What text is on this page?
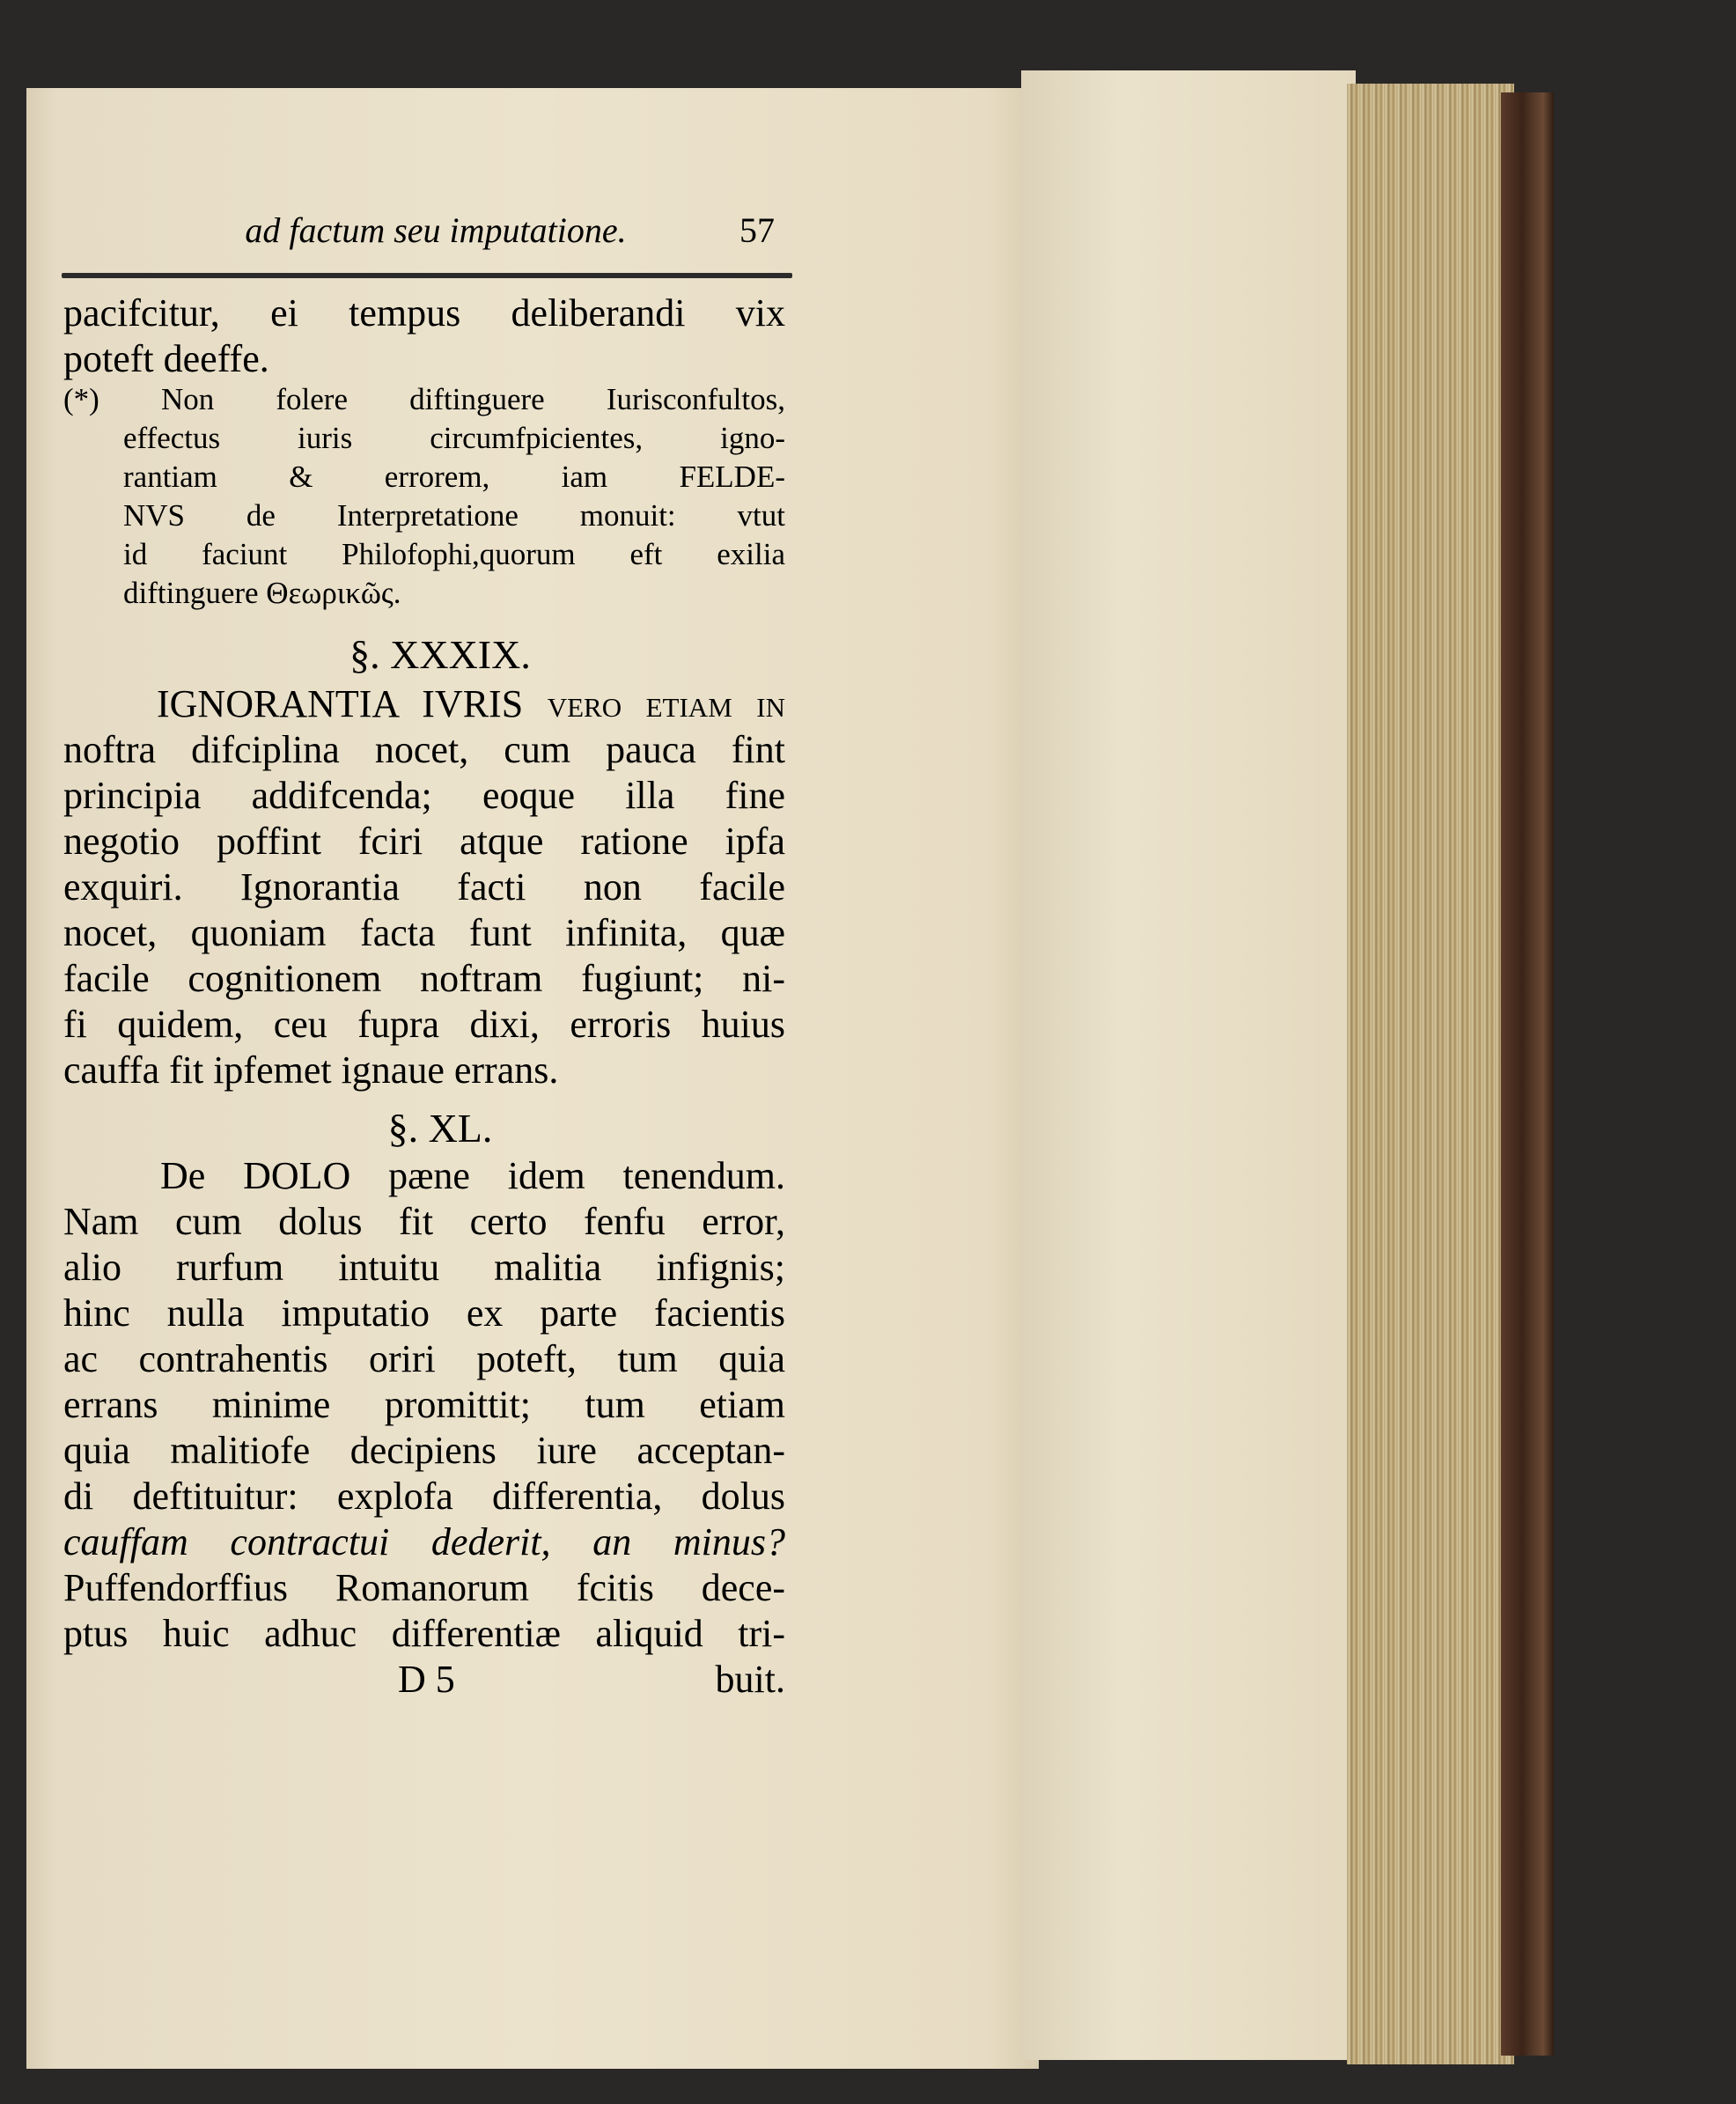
ad factum seu imputatione.	57
pacifcitur, ei tempus deliberandi vix
poteft deeffe.
(*) Non folere diftinguere Iurisconfultos,
effectus iuris circumfpicientes, igno-
rantiam & errorem, iam FELDE-
NVS de Interpretatione monuit: vtut
id faciunt Philofophi,quorum eft exilia
diftinguere Θεωρικῶς.
§. XXXIX.
IGNORANTIA IVRIS vero etiam in
noftra difciplina nocet, cum pauca fint
principia addifcenda; eoque illa fine
negotio poffint fciri atque ratione ipfa
exquiri. Ignorantia facti non facile
nocet, quoniam facta funt infinita, quæ
facile cognitionem noftram fugiunt; ni-
fi quidem, ceu fupra dixi, erroris huius
cauffa fit ipfemet ignaue errans.
§. XL.
De DOLO pæne idem tenendum.
Nam cum dolus fit certo fenfu error,
alio rurfum intuitu malitia infignis;
hinc nulla imputatio ex parte facientis
ac contrahentis oriri poteft, tum quia
errans minime promittit; tum etiam
quia malitiofe decipiens iure acceptan-
di deftituitur: explofa differentia, dolus
cauffam contractui dederit, an minus?
Puffendorffius Romanorum fcitis dece-
ptus huic adhuc differentiæ aliquid tri-
D 5	buit.
